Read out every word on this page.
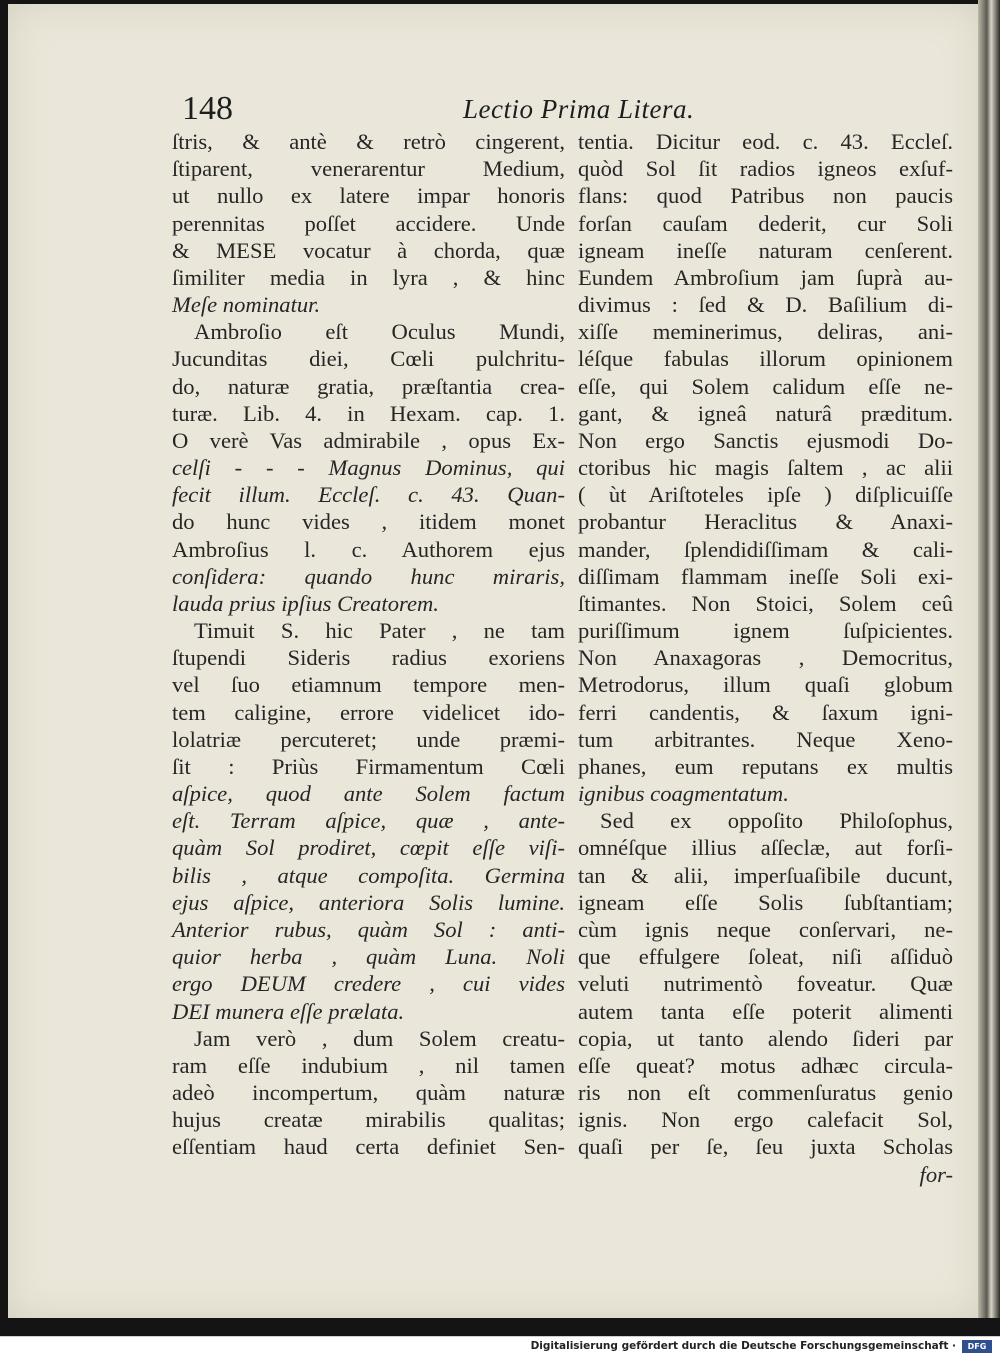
148	Lectio Prima Litera.
ſtris, & antè & retrò cingerent,
ſtiparent, venerarentur Medium,
ut nullo ex latere impar honoris
perennitas poſſet accidere. Unde
& MESE vocatur à chorda, quæ
ſimiliter media in lyra , & hinc
Meſe nominatur.
Ambroſio eſt Oculus Mundi,
Jucunditas diei, Cœli pulchritu-
do, naturæ gratia, præſtantia crea-
turæ. Lib. 4. in Hexam. cap. 1.
O verè Vas admirabile , opus Ex-
celſi - - - Magnus Dominus, qui
fecit illum. Eccleſ. c. 43. Quan-
do hunc vides , itidem monet
Ambroſius l. c. Authorem ejus
conſidera: quando hunc miraris,
lauda prius ipſius Creatorem.
Timuit S. hic Pater , ne tam
ſtupendi Sideris radius exoriens
vel ſuo etiamnum tempore men-
tem caligine, errore videlicet ido-
lolatriæ percuteret; unde præmi-
ſit : Priùs Firmamentum Cœli
aſpice, quod ante Solem factum
eſt. Terram aſpice, quæ , ante-
quàm Sol prodiret, cœpit eſſe viſi-
bilis , atque compoſita. Germina
ejus aſpice, anteriora Solis lumine.
Anterior rubus, quàm Sol : anti-
quior herba , quàm Luna. Noli
ergo DEUM credere , cui vides
DEI munera eſſe prælata.
Jam verò , dum Solem creatu-
ram eſſe indubium , nil tamen
adeò incompertum, quàm naturæ
hujus creatæ mirabilis qualitas;
eſſentiam haud certa definiet Sen-
tentia. Dicitur eod. c. 43. Eccleſ.
quòd Sol ſit radios igneos exſuf-
flans: quod Patribus non paucis
forſan cauſam dederit, cur Soli
igneam ineſſe naturam cenſerent.
Eundem Ambroſium jam ſuprà au-
divimus : ſed & D. Baſilium di-
xiſſe meminerimus, deliras, ani-
léſque fabulas illorum opinionem
eſſe, qui Solem calidum eſſe ne-
gant, & igneâ naturâ præditum.
Non ergo Sanctis ejusmodi Do-
ctoribus hic magis ſaltem , ac alii
( ùt Ariſtoteles ipſe ) diſplicuiſſe
probantur Heraclitus & Anaxi-
mander, ſplendidiſſimam & cali-
diſſimam flammam ineſſe Soli exi-
ſtimantes. Non Stoici, Solem ceû
puriſſimum ignem ſuſpicientes.
Non Anaxagoras , Democritus,
Metrodorus, illum quaſi globum
ferri candentis, & ſaxum igni-
tum arbitrantes. Neque Xeno-
phanes, eum reputans ex multis
ignibus coagmentatum.
Sed ex oppoſito Philoſophus,
omnéſque illius aſſeclæ, aut forſi-
tan & alii, imperſuaſibile ducunt,
igneam eſſe Solis ſubſtantiam;
cùm ignis neque conſervari, ne-
que effulgere ſoleat, niſi aſſiduò
veluti nutrimentò foveatur. Quæ
autem tanta eſſe poterit alimenti
copia, ut tanto alendo ſideri par
eſſe queat? motus adhæc circula-
ris non eſt commenſuratus genio
ignis. Non ergo calefacit Sol,
quaſi per ſe, ſeu juxta Scholas
for-
Digitalisierung gefördert durch die Deutsche Forschungsgemeinschaft ·	DFG
